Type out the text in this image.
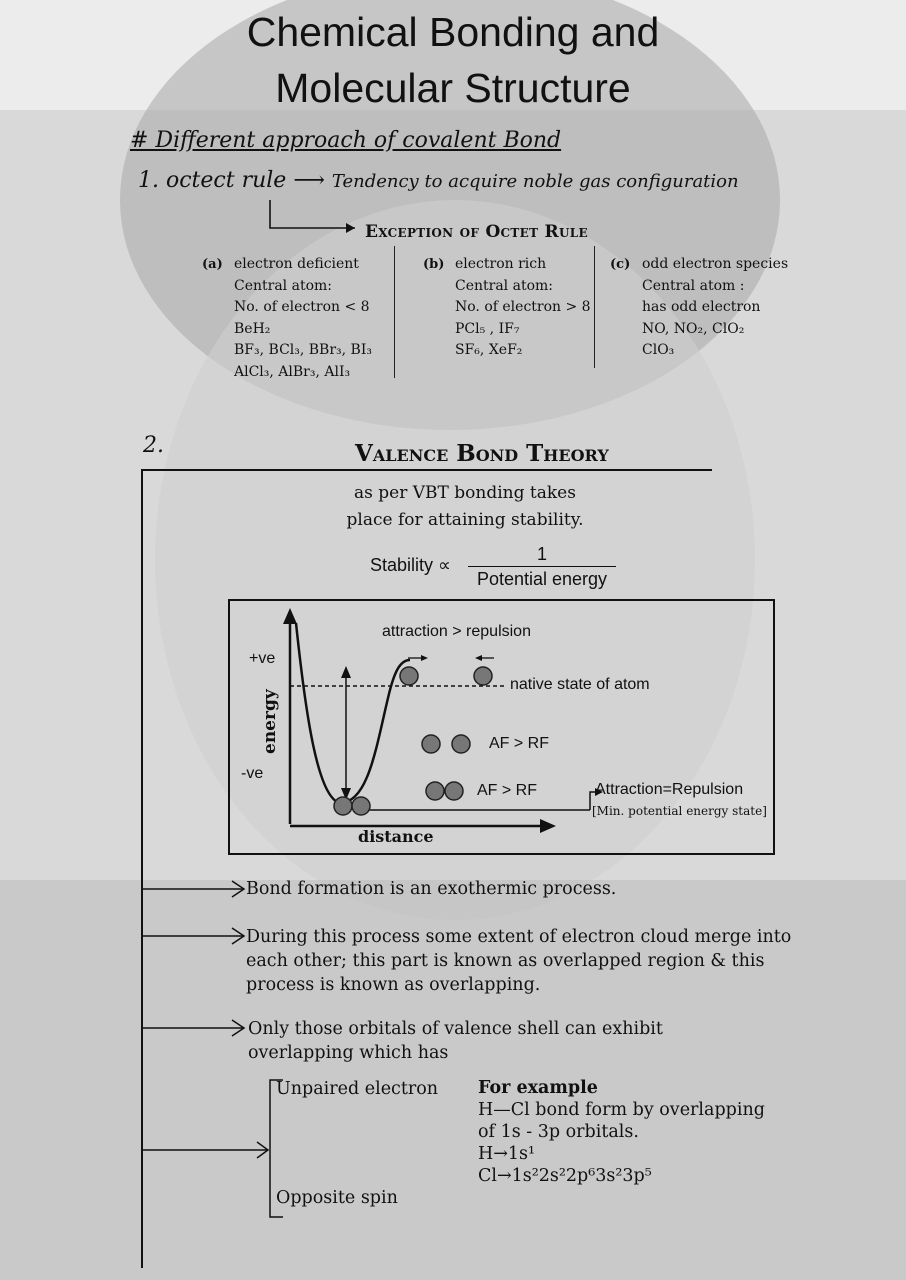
Chemical Bonding and
Molecular Structure
# Different approach of covalent Bond
1. octect rule ⟶ Tendency to acquire noble gas configuration
Exception of Octet Rule
(a) electron deficient
Central atom:
No. of electron < 8
BeH₂
BF₃, BCl₃, BBr₃, BI₃
AlCl₃, AlBr₃, AlI₃
(b) electron rich
Central atom:
No. of electron > 8
PCl₅ , IF₇
SF₆, XeF₂
(c) odd electron species
Central atom :
has odd electron
NO, NO₂, ClO₂
ClO₃
2.	Valence Bond Theory
as per VBT bonding takes
place for attaining stability.
Stability ∝
1
Potential energy
attraction > repulsion
+ve
-ve
energy
distance
native state of atom
AF > RF
AF > RF	Attraction=Repulsion
[Min. potential energy state]
Bond formation is an exothermic process.
During this process some extent of electron cloud merge into
each other; this part is known as overlapped region & this
process is known as overlapping.
Only those orbitals of valence shell can exhibit
overlapping which has
Unpaired electron
Opposite spin
For example
H—Cl bond form by overlapping
of 1s - 3p orbitals.
H→1s¹
Cl→1s²2s²2p⁶3s²3p⁵
